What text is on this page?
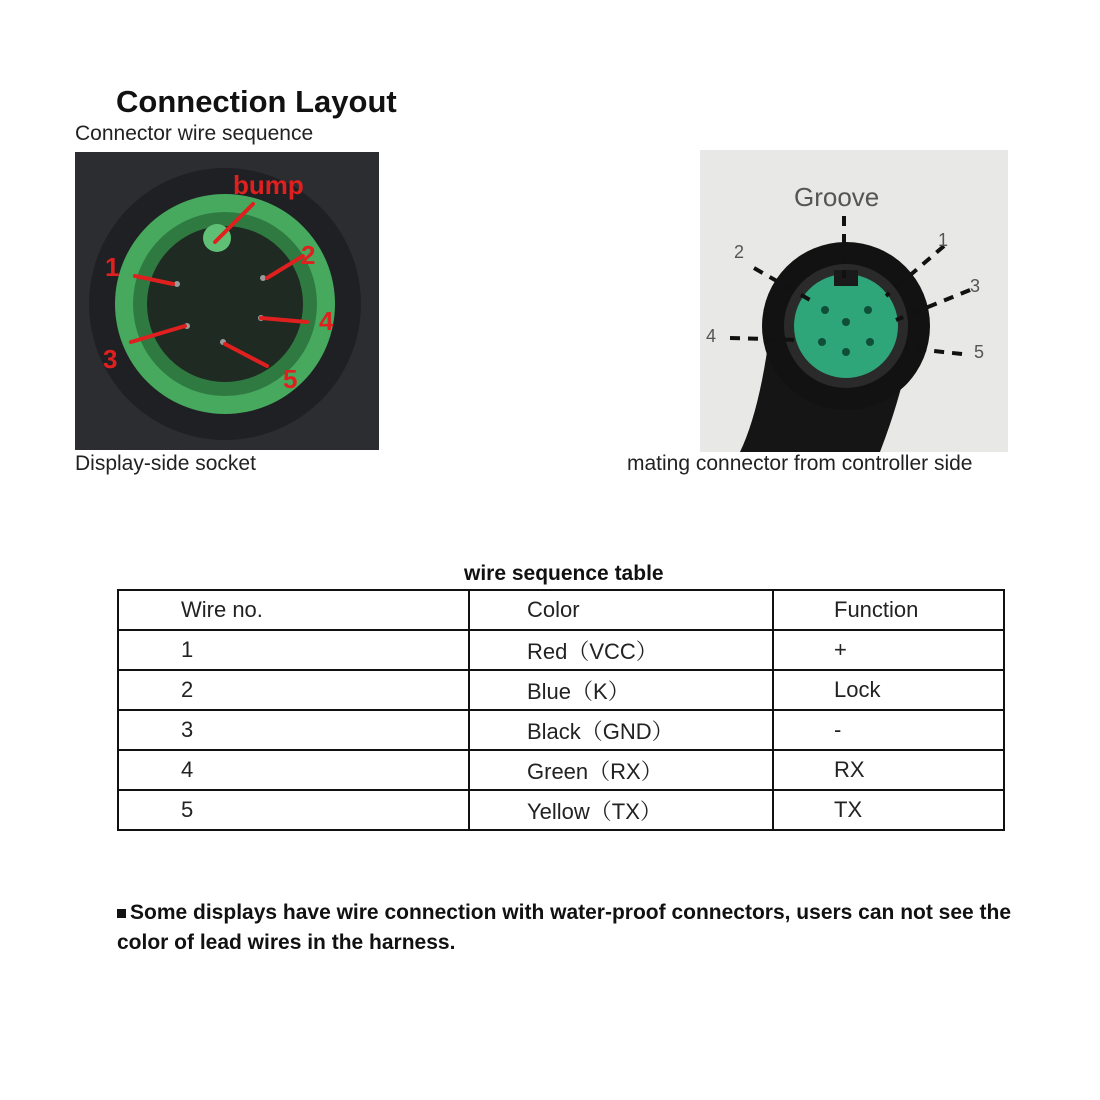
Connection Layout
Connector wire sequence
bump
1	2
3
4
5
Groove
1
2
3
4
5
Display-side socket	mating connector from controller side
wire sequence table
Wire no.	Color	Function
1	Red（VCC）	+
2	Blue（K）	Lock
3	Black（GND）	-
4	Green（RX）	RX
5	Yellow（TX）	TX
Some displays have wire connection with water-proof connectors, users can not see the color of lead wires in the harness.
